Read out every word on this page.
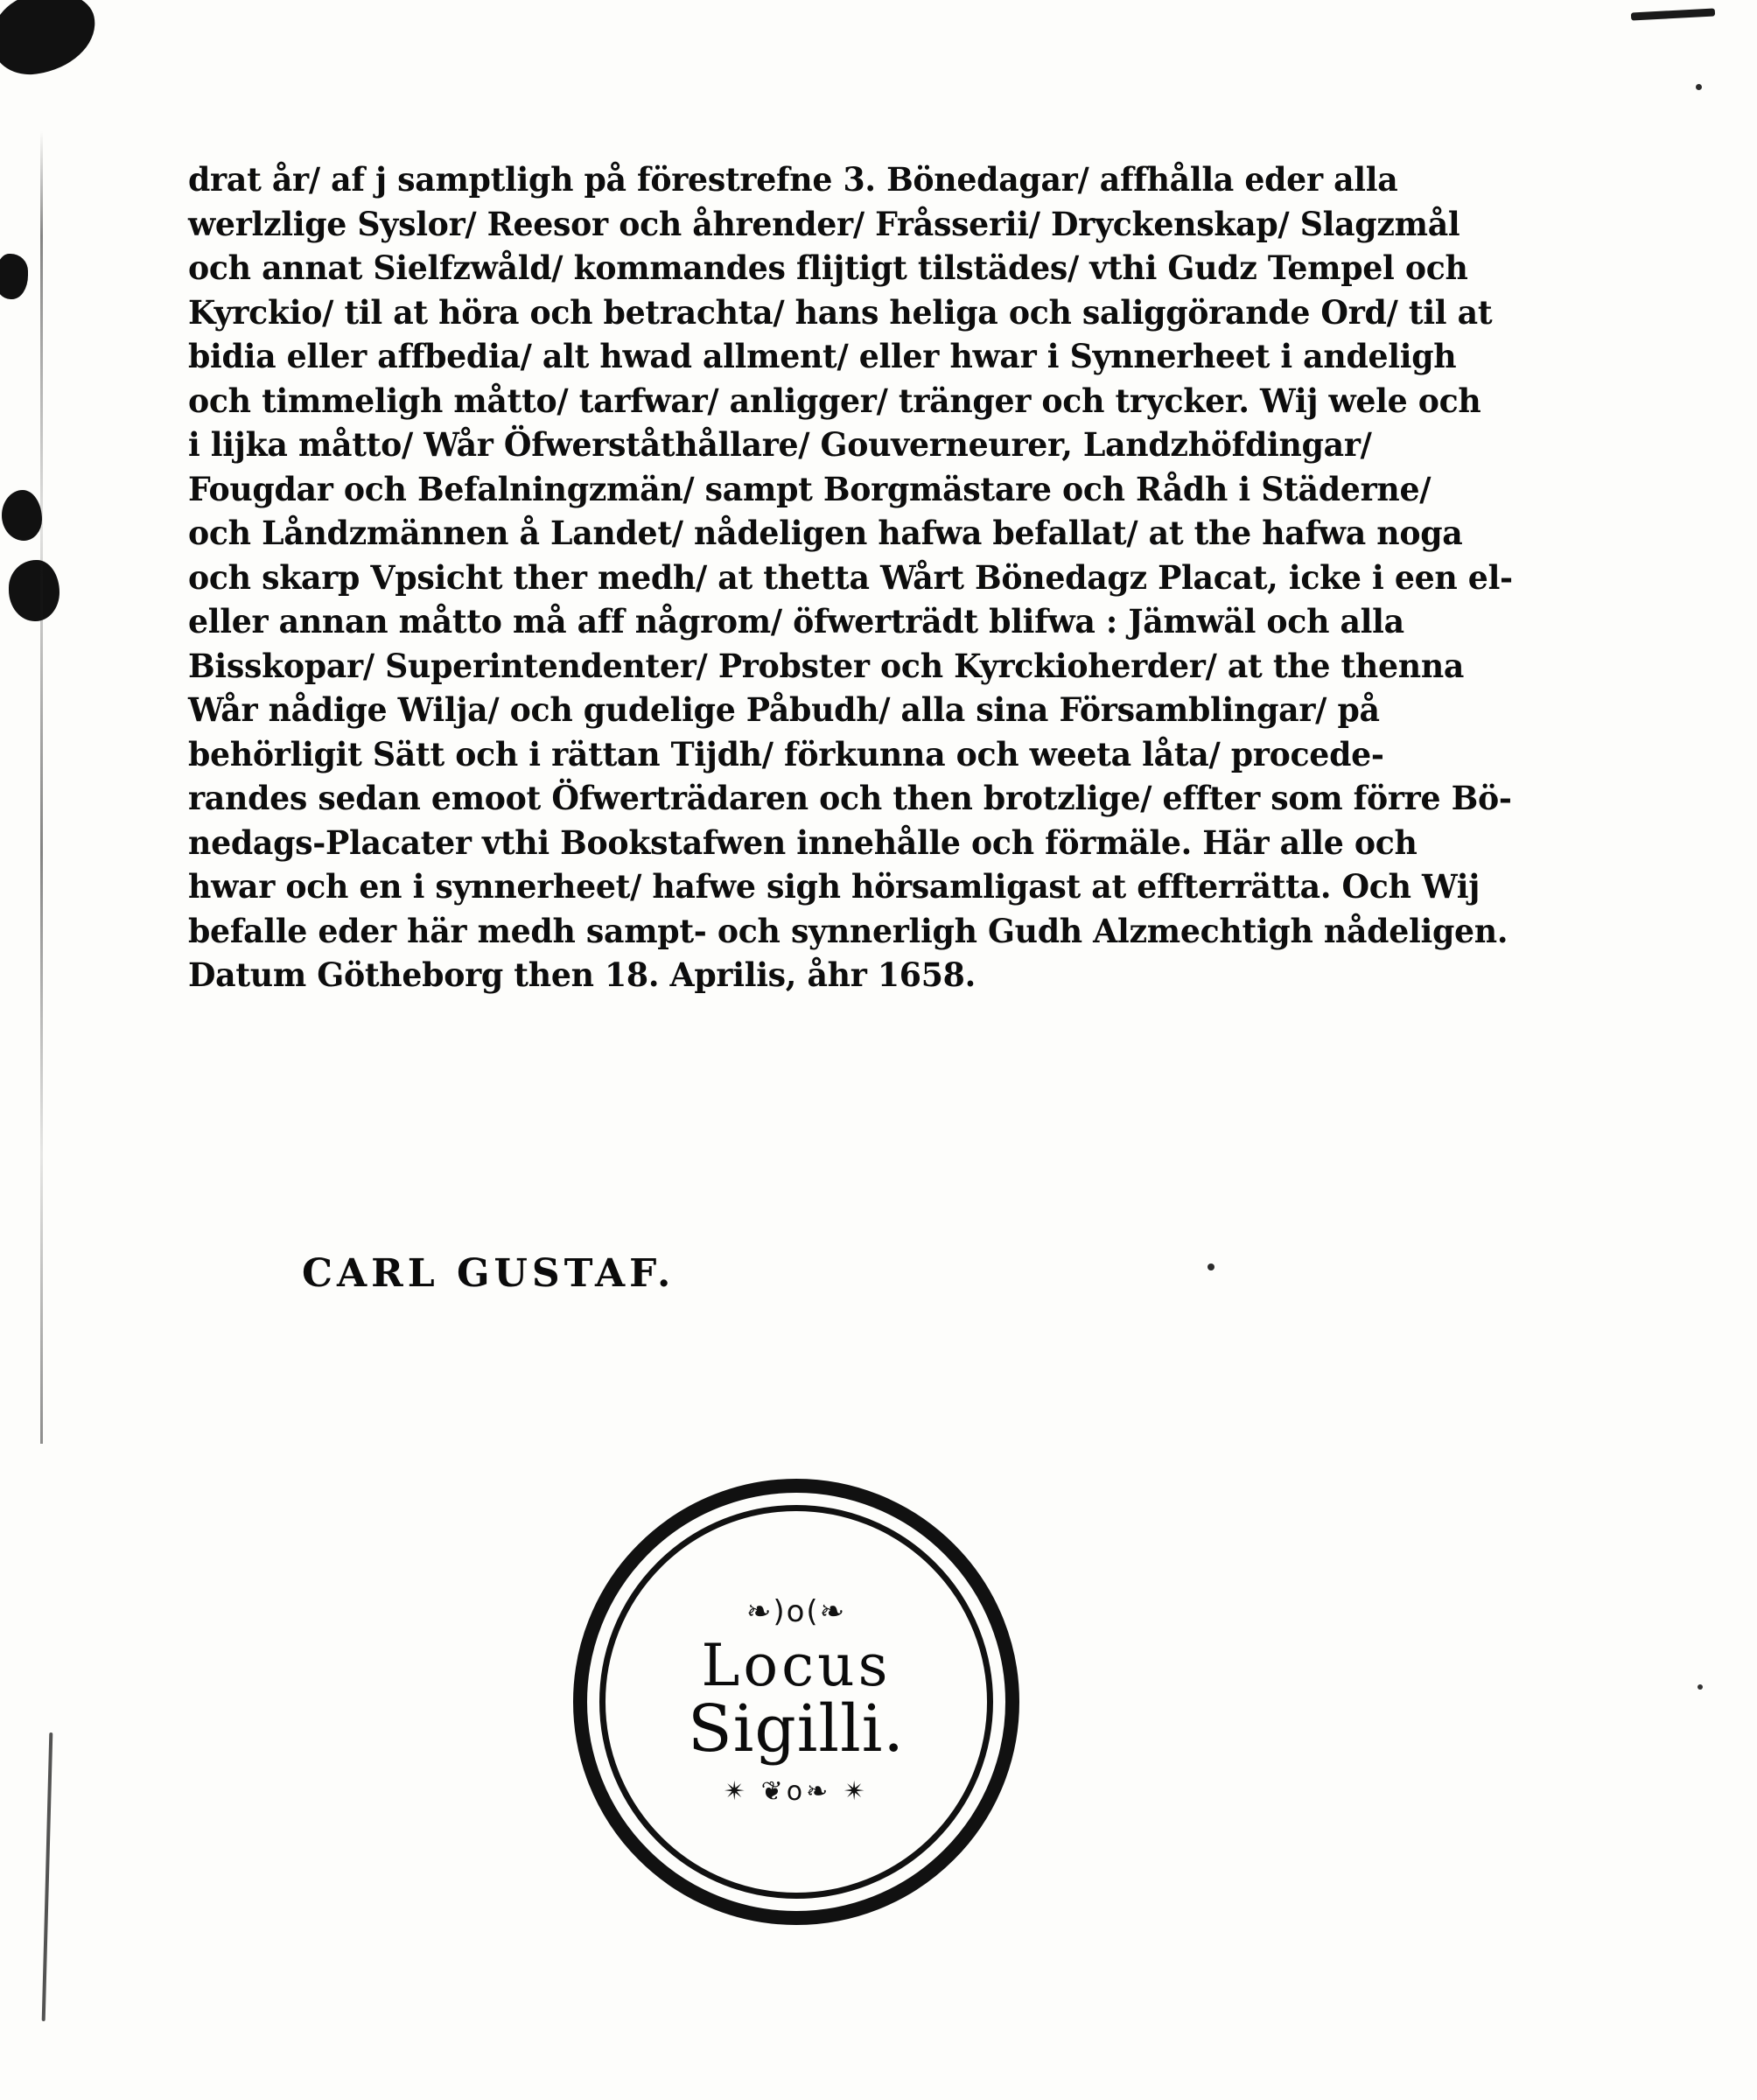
drat år/ af j samptligh på förestrefne 3. Bönedagar/ affhålla eder alla
werlzlige Syslor/ Reesor och åhrender/ Fråsserii/ Dryckenskap/ Slagzmål
och annat Sielfzwåld/ kommandes flijtigt tilstädes/ vthi Gudz Tempel och
Kyrckio/ til at höra och betrachta/ hans heliga och saliggörande Ord/ til at
bidia eller affbedia/ alt hwad allment/ eller hwar i Synnerheet i andeligh
och timmeligh måtto/ tarfwar/ anligger/ tränger och trycker. Wij wele och
i lijka måtto/ Wår Öfwerståthållare/ Gouverneurer, Landzhöfdingar/
Fougdar och Befalningzmän/ sampt Borgmästare och Rådh i Städerne/
och Låndzmännen å Landet/ nådeligen hafwa befallat/ at the hafwa noga
och skarp Vpsicht ther medh/ at thetta Wårt Bönedagz Placat, icke i een el-
eller annan måtto må aff någrom/ öfwerträdt blifwa : Jämwäl och alla
Bisskopar/ Superintendenter/ Probster och Kyrckioherder/ at the thenna
Wår nådige Wilja/ och gudelige Påbudh/ alla sina Församblingar/ på
behörligit Sätt och i rättan Tijdh/ förkunna och weeta låta/ procede-
randes sedan emoot Öfwerträdaren och then brotzlige/ effter som förre Bö-
nedags-Placater vthi Bookstafwen innehålle och förmäle. Här alle och
hwar och en i synnerheet/ hafwe sigh hörsamligast at effterrätta. Och Wij
befalle eder här medh sampt- och synnerligh Gudh Alzmechtigh nådeligen.
Datum Götheborg then 18. Aprilis, åhr 1658.
CARL GUSTAF.
❧)o(❧
Locus
Sigilli.
✴ ❦o❧ ✴
